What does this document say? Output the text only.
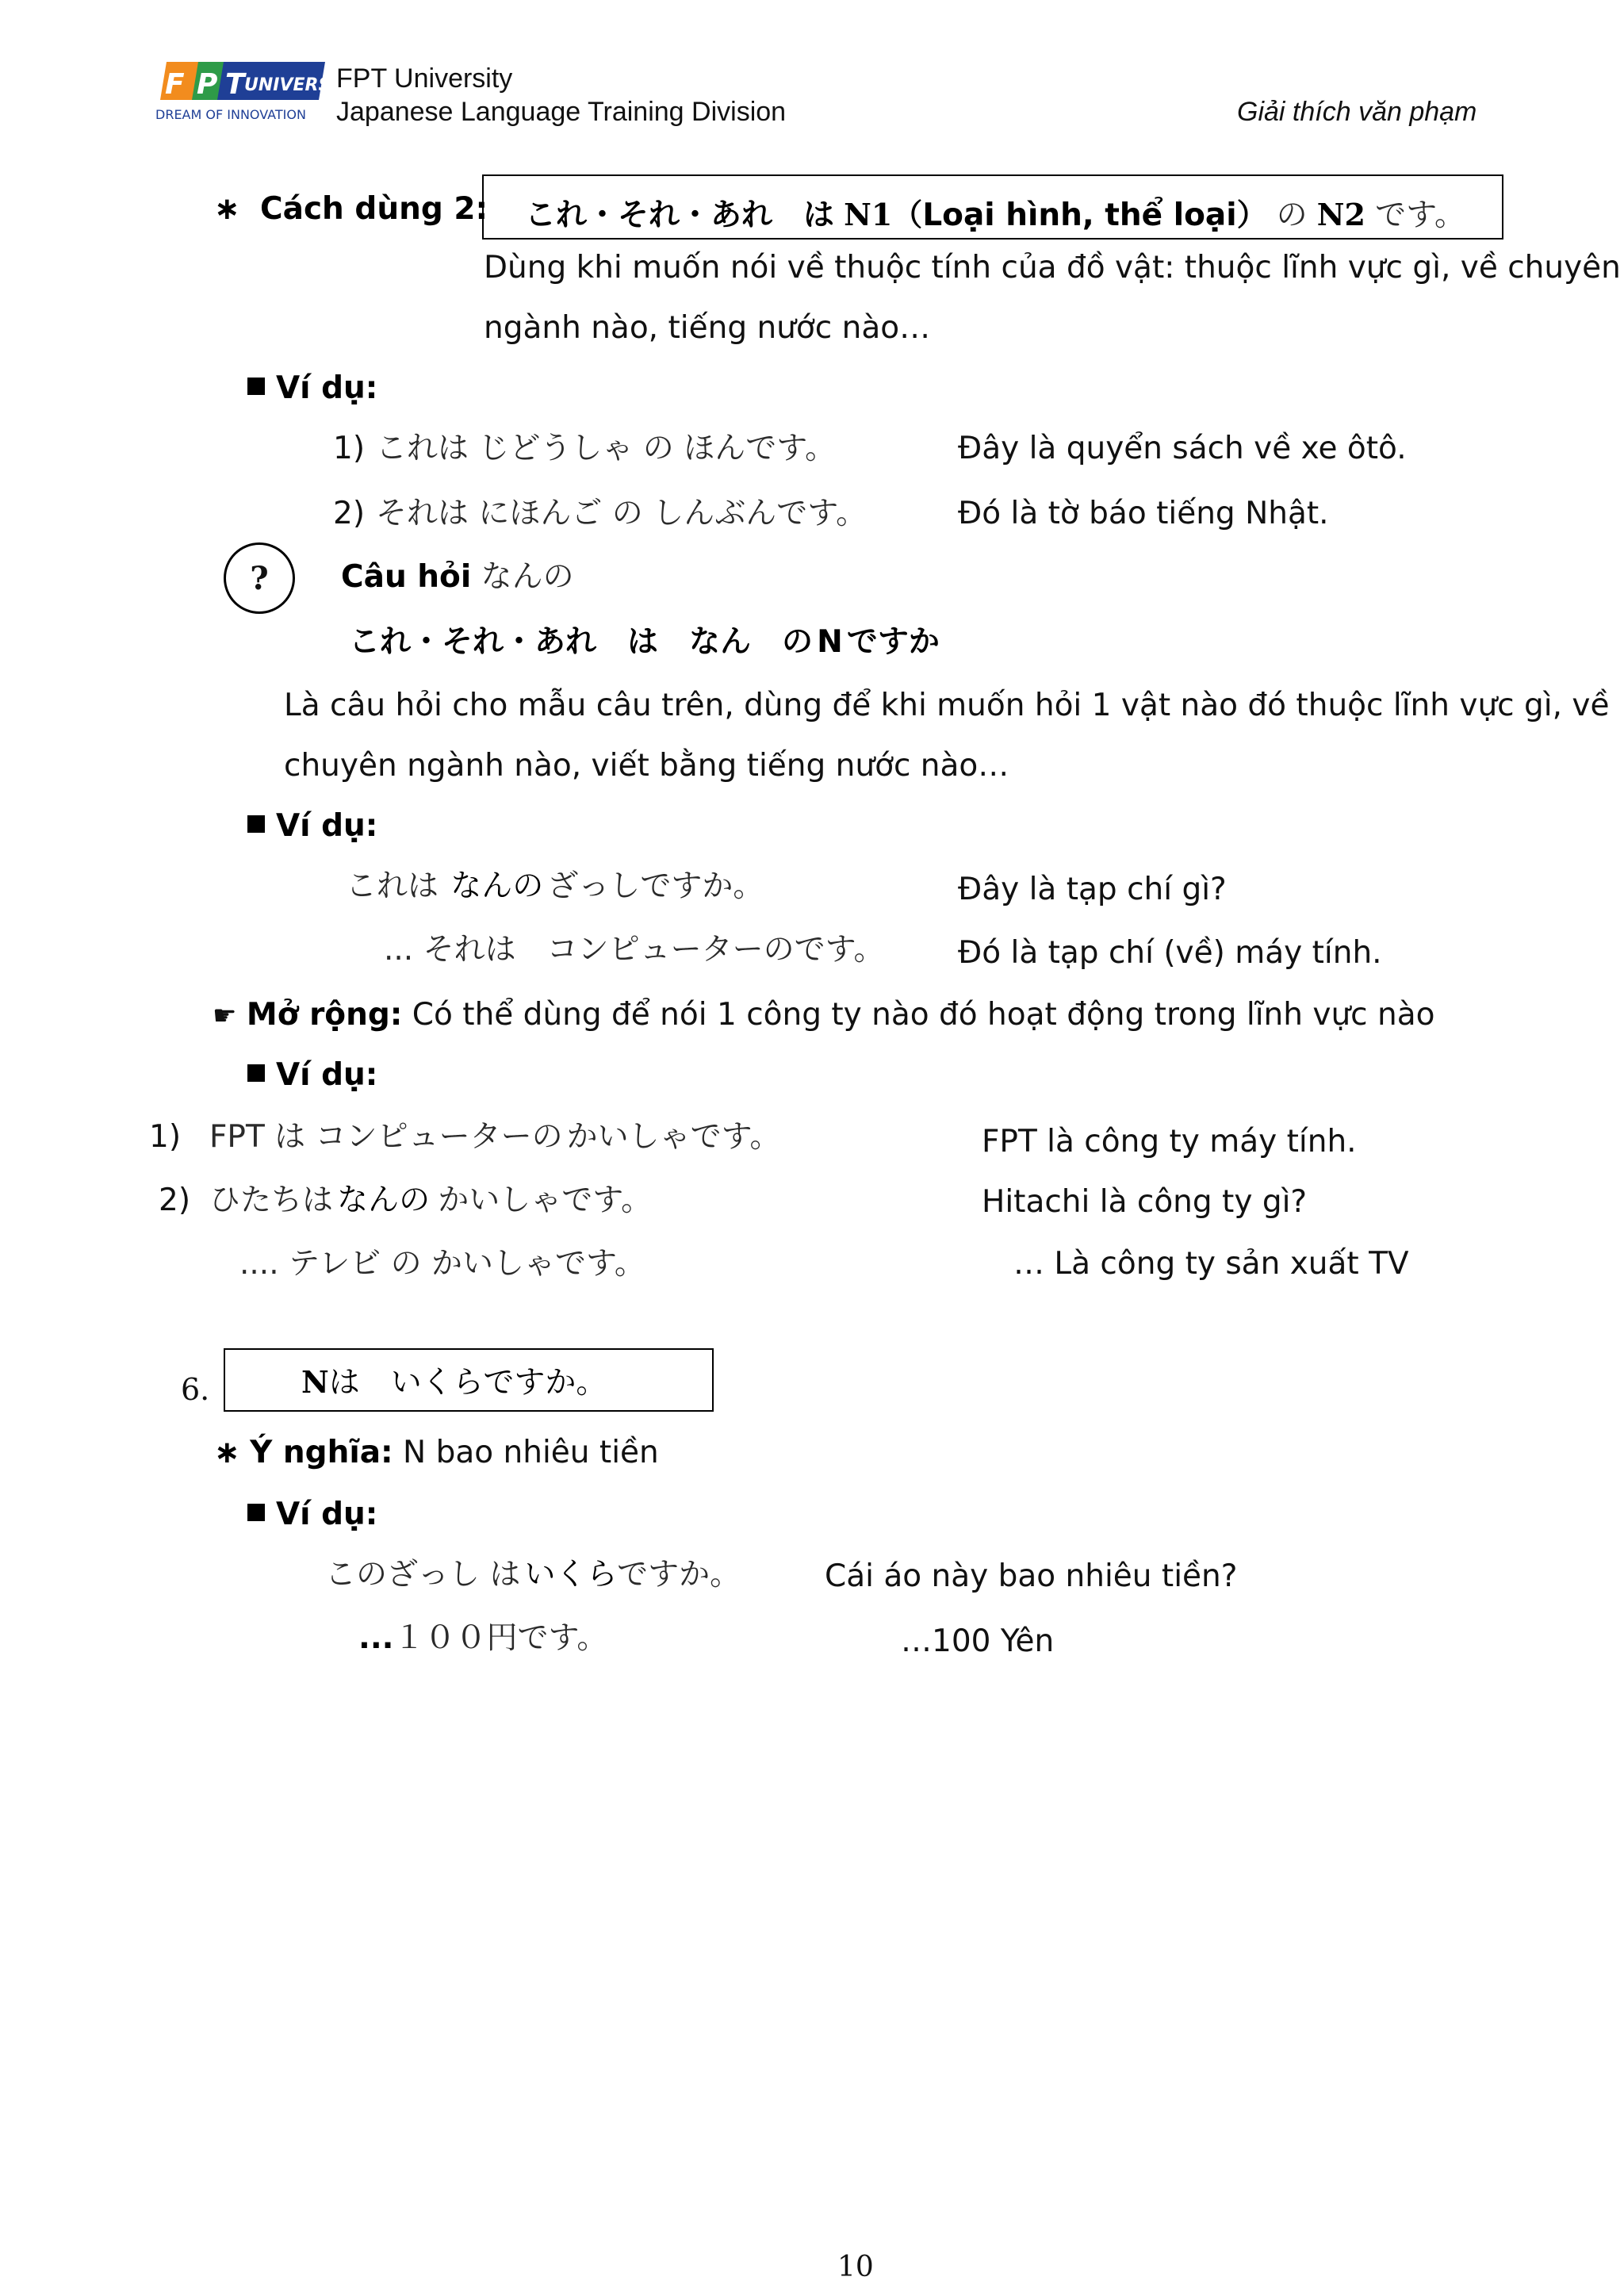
F P T UNIVERSITY
DREAM OF INNOVATION
FPT University
Japanese Language Training Division	Giải thích văn phạm
∗ Cách dùng 2: これ・それ・あれ　は N1（Loại hình, thể loại） の N2 です。
Dùng khi muốn nói về thuộc tính của đồ vật: thuộc lĩnh vực gì, về chuyên
ngành nào, tiếng nước nào…
Ví dụ:
1) これは じどうしゃ の ほんです。	Đây là quyển sách về xe ôtô.
2) それは にほんご の しんぶんです。	Đó là tờ báo tiếng Nhật.
? Câu hỏi なんの
これ・それ・あれ　は　なん　の N ですか
Là câu hỏi cho mẫu câu trên, dùng để khi muốn hỏi 1 vật nào đó thuộc lĩnh vực gì, về
chuyên ngành nào, viết bằng tiếng nước nào…
Ví dụ:
これは なんの ざっしですか。	Đây là tạp chí gì?
... それは　コンピューターのです。 Đó là tạp chí (về) máy tính.
☛ Mở rộng: Có thể dùng để nói 1 công ty nào đó hoạt động trong lĩnh vực nào
Ví dụ:
1) FPT は コンピューターの かいしゃです。	FPT là công ty máy tính.
2) ひたちは なんの かいしゃです。	Hitachi là công ty gì?
.... テレビ の かいしゃです。	… Là công ty sản xuất TV
6.	Nは　いくらですか。
∗ Ý nghĩa: N bao nhiêu tiền
Ví dụ:
このざっし は いくらですか。	Cái áo này bao nhiêu tiền?
...１００円です。	…100 Yên
10
